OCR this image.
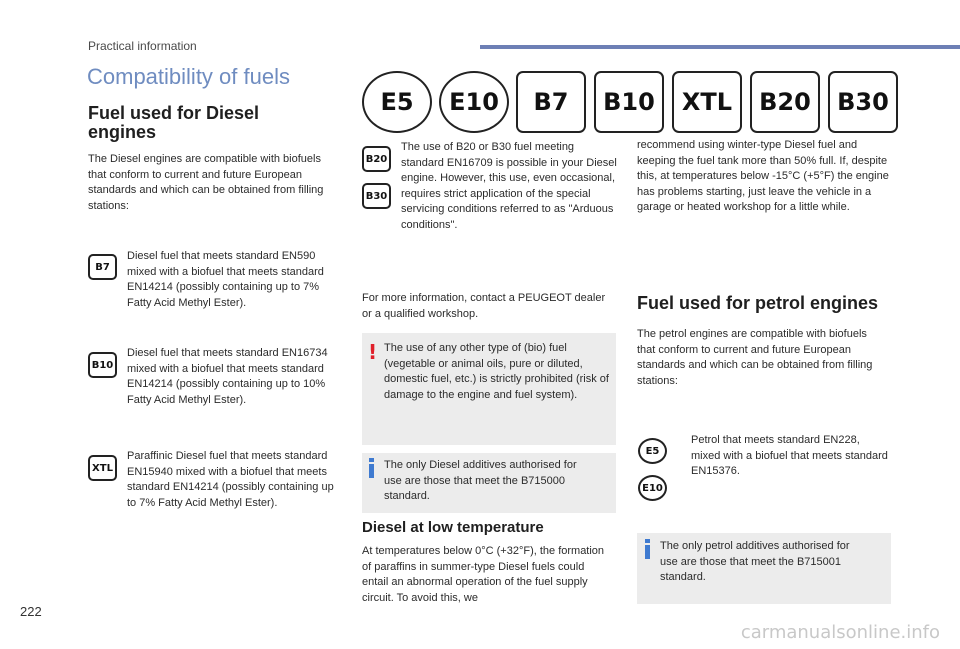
Practical information
Compatibility of fuels
E5	E10	B7	B10	XTL	B20	B30
Fuel used for Diesel
engines

The Diesel engines are compatible with biofuels that conform to current and future European standards and which can be obtained from filling stations:

B7

Diesel fuel that meets standard EN590 mixed with a biofuel that meets standard EN14214 (possibly containing up to 7% Fatty Acid Methyl Ester).

B10

Diesel fuel that meets standard EN16734 mixed with a biofuel that meets standard EN14214 (possibly containing up to 10% Fatty Acid Methyl Ester).

XTL

Paraffinic Diesel fuel that meets standard EN15940 mixed with a biofuel that meets standard EN14214 (possibly containing up to 7% Fatty Acid Methyl Ester).

B20
B30

The use of B20 or B30 fuel meeting standard EN16709 is possible in your Diesel engine. However, this use, even occasional, requires strict application of the special servicing conditions referred to as "Arduous conditions".

For more information, contact a PEUGEOT dealer or a qualified workshop.

! The use of any other type of (bio) fuel (vegetable or animal oils, pure or diluted, domestic fuel, etc.) is strictly prohibited (risk of damage to the engine and fuel system).

The only Diesel additives authorised for use are those that meet the B715000 standard.

Diesel at low temperature

At temperatures below 0°C (+32°F), the formation of paraffins in summer-type Diesel fuels could entail an abnormal operation of the fuel supply circuit. To avoid this, we

recommend using winter-type Diesel fuel and keeping the fuel tank more than 50% full. If, despite this, at temperatures below -15°C (+5°F) the engine has problems starting, just leave the vehicle in a garage or heated workshop for a little while.

Fuel used for petrol engines

The petrol engines are compatible with biofuels that conform to current and future European standards and which can be obtained from filling stations:

E5
E10

Petrol that meets standard EN228, mixed with a biofuel that meets standard EN15376.

The only petrol additives authorised for use are those that meet the B715001 standard.

222
carmanualsonline.info
